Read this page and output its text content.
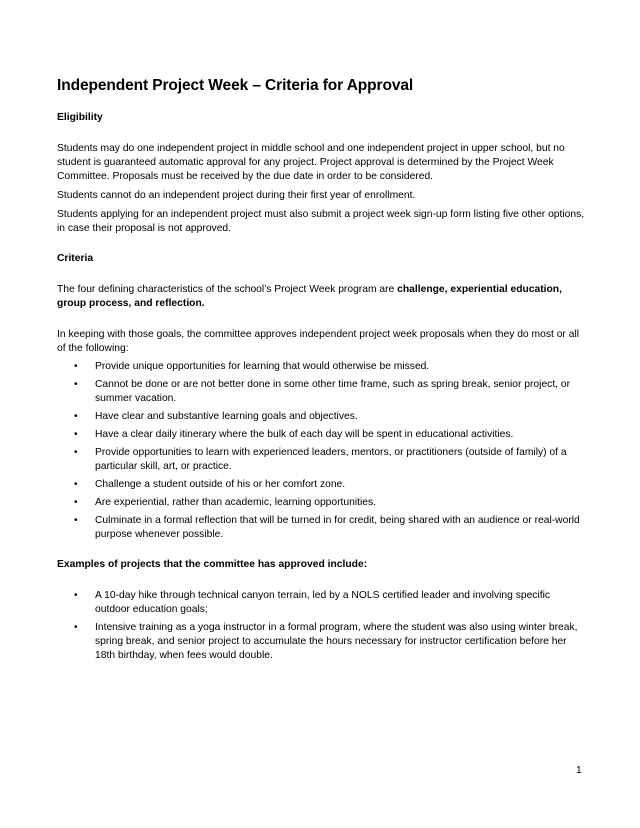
Independent Project Week – Criteria for Approval
Eligibility

Students may do one independent project in middle school and one independent project in upper school, but no student is guaranteed automatic approval for any project. Project approval is determined by the Project Week Committee. Proposals must be received by the due date in order to be considered.

Students cannot do an independent project during their first year of enrollment.

Students applying for an independent project must also submit a project week sign-up form listing five other options, in case their proposal is not approved.

Criteria

The four defining characteristics of the school’s Project Week program are challenge, experiential education, group process, and reflection.

In keeping with those goals, the committee approves independent project week proposals when they do most or all of the following:

• Provide unique opportunities for learning that would otherwise be missed.
• Cannot be done or are not better done in some other time frame, such as spring break, senior project, or summer vacation.
• Have clear and substantive learning goals and objectives.
• Have a clear daily itinerary where the bulk of each day will be spent in educational activities.
• Provide opportunities to learn with experienced leaders, mentors, or practitioners (outside of family) of a particular skill, art, or practice.
• Challenge a student outside of his or her comfort zone.
• Are experiential, rather than academic, learning opportunities.
• Culminate in a formal reflection that will be turned in for credit, being shared with an audience or real-world purpose whenever possible.
Examples of projects that the committee has approved include:
• A 10-day hike through technical canyon terrain, led by a NOLS certified leader and involving specific outdoor education goals;
• Intensive training as a yoga instructor in a formal program, where the student was also using winter break, spring break, and senior project to accumulate the hours necessary for instructor certification before her 18th birthday, when fees would double.
1
